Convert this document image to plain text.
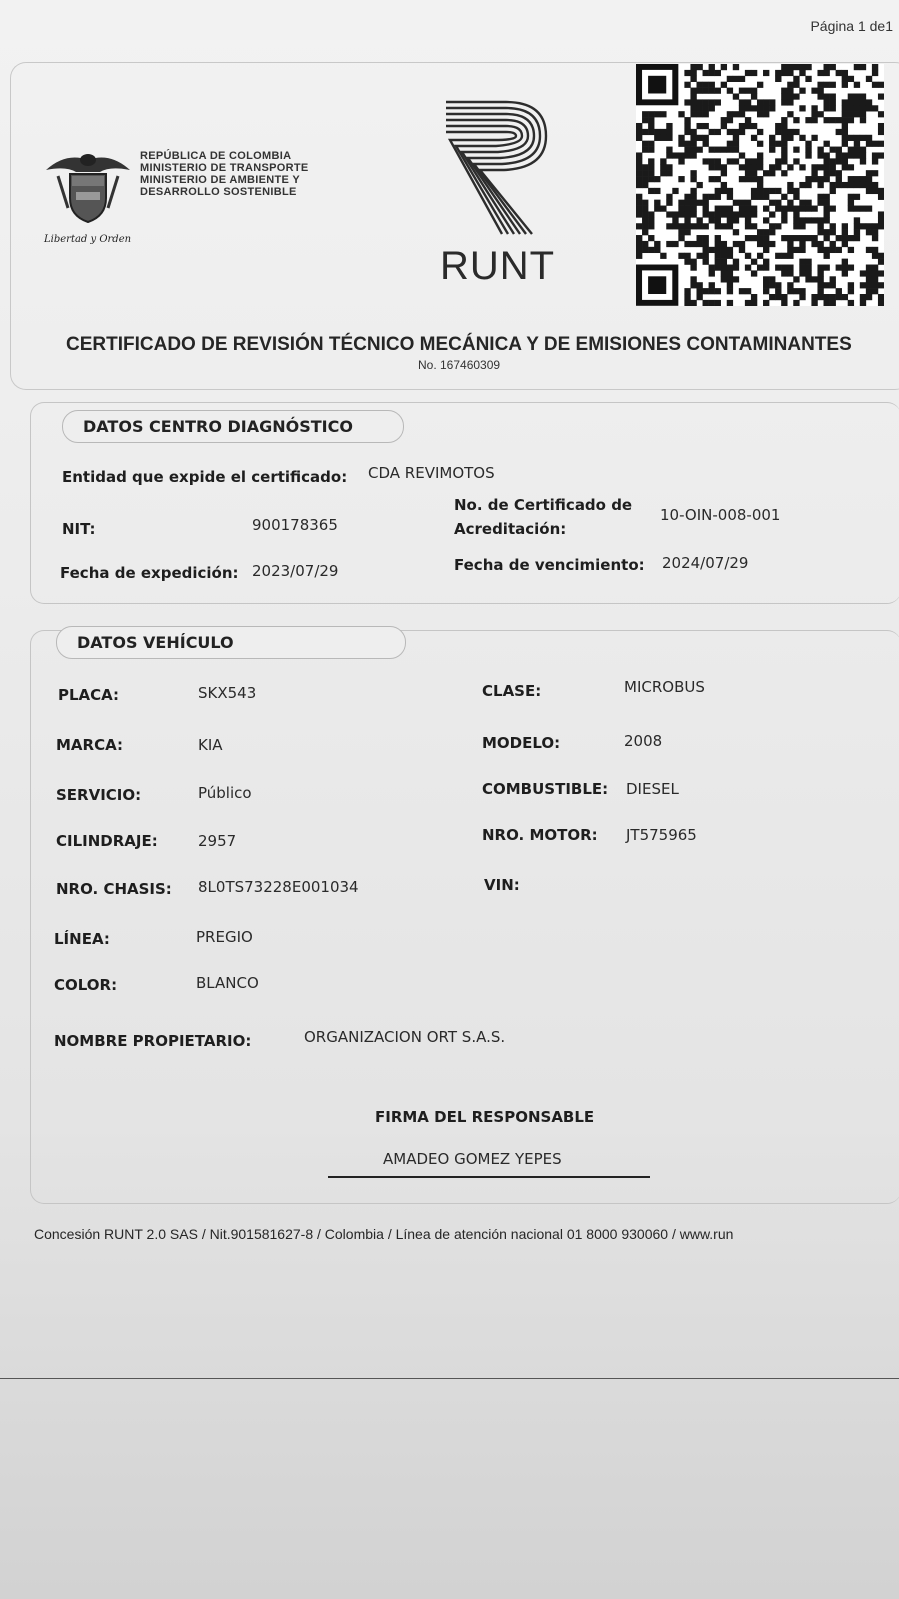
Página 1 de1
Libertad y Orden
REPÚBLICA DE COLOMBIA
MINISTERIO DE TRANSPORTE
MINISTERIO DE AMBIENTE Y
DESARROLLO SOSTENIBLE
RUNT
CERTIFICADO DE REVISIÓN TÉCNICO MECÁNICA Y DE EMISIONES CONTAMINANTES
No. 167460309
DATOS CENTRO DIAGNÓSTICO
Entidad que expide el certificado: CDA REVIMOTOS
NIT:	900178365
No. de Certificado de
Acreditación:
10-OIN-008-001
Fecha de expedición: 2023/07/29	Fecha de vencimiento: 2024/07/29
DATOS VEHÍCULO
PLACA:	SKX543	CLASE:	MICROBUS
MARCA:	KIA	MODELO:	2008
SERVICIO:	Público	COMBUSTIBLE: DIESEL
CILINDRAJE:	2957	NRO. MOTOR: JT575965
NRO. CHASIS: 8L0TS73228E001034	VIN:
LÍNEA:	PREGIO
COLOR:	BLANCO
NOMBRE PROPIETARIO:	ORGANIZACION ORT S.A.S.
FIRMA DEL RESPONSABLE
AMADEO GOMEZ YEPES
Concesión RUNT 2.0 SAS / Nit.901581627-8 / Colombia / Línea de atención nacional 01 8000 930060 / www.run
